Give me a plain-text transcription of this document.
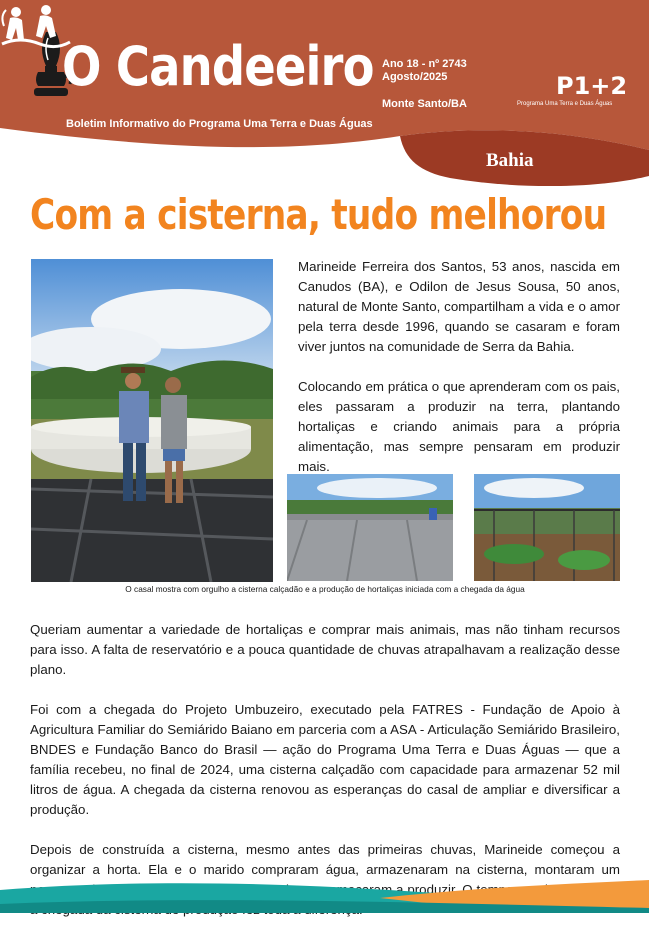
O Candeeiro
Boletim Informativo do Programa Uma Terra e Duas Águas
Ano 18 - nº 2743
Agosto/2025
Monte Santo/BA
P1+2
Programa Uma Terra e Duas Águas
Bahia
Com a cisterna, tudo melhorou

Marineide Ferreira dos Santos, 53 anos, nascida em Canudos (BA), e Odilon de Jesus Sousa, 50 anos, natural de Monte Santo, compartilham a vida e o amor pela terra desde 1996, quando se casaram e foram viver juntos na comunidade de Serra da Bahia.

Colocando em prática o que aprenderam com os pais, eles passaram a produzir na terra, plantando hortaliças e criando animais para a própria alimentação, mas sempre pensaram em produzir mais.

O casal mostra com orgulho a cisterna calçadão e a produção de hortaliças iniciada com a chegada da água

Queriam aumentar a variedade de hortaliças e comprar mais animais, mas não tinham recursos para isso. A falta de reservatório e a pouca quantidade de chuvas atrapalhavam a realização desse plano.

Foi com a chegada do Projeto Umbuzeiro, executado pela FATRES - Fundação de Apoio à Agricultura Familiar do Semiárido Baiano em parceria com a ASA - Articulação Semiárido Brasileiro, BNDES e Fundação Banco do Brasil — ação do Programa Uma Terra e Duas Águas — que a família recebeu, no final de 2024, uma cisterna calçadão com capacidade para armazenar 52 mil litros de água. A chegada da cisterna renovou as esperanças do casal de ampliar e diversificar a produção.

Depois de construída a cisterna, mesmo antes das primeiras chuvas, Marineide começou a organizar a horta. Ela e o marido compraram água, armazenaram na cisterna, montaram um a produzir. O
